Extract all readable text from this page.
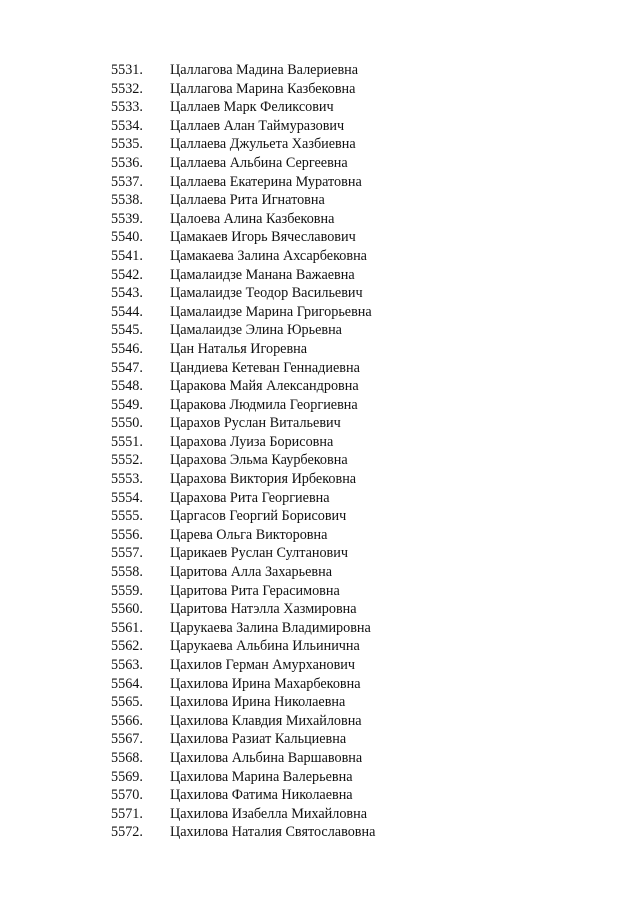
5531. Цаллагова Мадина Валериевна
5532. Цаллагова Марина Казбековна
5533. Цаллаев Марк Феликсович
5534. Цаллаев Алан Таймуразович
5535. Цаллаева Джульета Хазбиевна
5536. Цаллаева Альбина Сергеевна
5537. Цаллаева Екатерина Муратовна
5538. Цаллаева Рита Игнатовна
5539. Цалоева Алина Казбековна
5540. Цамакаев Игорь Вячеславович
5541. Цамакаева Залина Ахсарбековна
5542. Цамалаидзе Манана Важаевна
5543. Цамалаидзе Теодор Васильевич
5544. Цамалаидзе Марина Григорьевна
5545. Цамалаидзе Элина Юрьевна
5546. Цан Наталья Игоревна
5547. Цандиева Кетеван Геннадиевна
5548. Царакова Майя Александровна
5549. Царакова Людмила Георгиевна
5550. Царахов Руслан Витальевич
5551. Царахова Луиза Борисовна
5552. Царахова Эльма Каурбековна
5553. Царахова Виктория Ирбековна
5554. Царахова Рита Георгиевна
5555. Царгасов Георгий Борисович
5556. Царева Ольга Викторовна
5557. Царикаев Руслан Султанович
5558. Царитова Алла Захарьевна
5559. Царитова Рита Герасимовна
5560. Царитова Натэлла Хазмировна
5561. Царукаева Залина Владимировна
5562. Царукаева Альбина Ильинична
5563. Цахилов Герман Амурханович
5564. Цахилова Ирина Махарбековна
5565. Цахилова Ирина Николаевна
5566. Цахилова Клавдия Михайловна
5567. Цахилова Разиат Кальциевна
5568. Цахилова Альбина Варшавовна
5569. Цахилова Марина Валерьевна
5570. Цахилова Фатима Николаевна
5571. Цахилова Изабелла Михайловна
5572. Цахилова Наталия Святославовна
